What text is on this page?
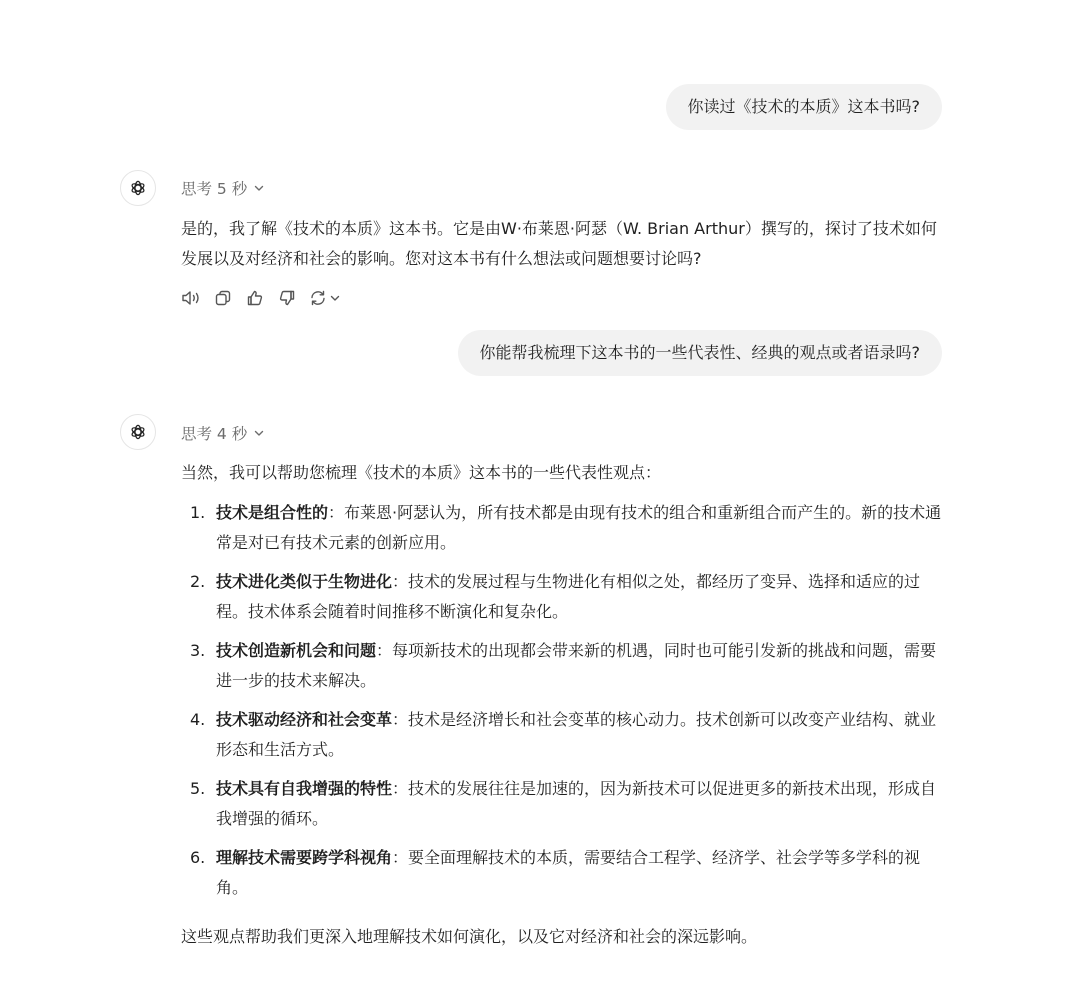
你读过《技术的本质》这本书吗?
思考 5 秒
是的，我了解《技术的本质》这本书。它是由W·布莱恩·阿瑟（W. Brian Arthur）撰写的，探讨了技术如何发展以及对经济和社会的影响。您对这本书有什么想法或问题想要讨论吗?
你能帮我梳理下这本书的一些代表性、经典的观点或者语录吗?
思考 4 秒
当然，我可以帮助您梳理《技术的本质》这本书的一些代表性观点：
1. 技术是组合性的：布莱恩·阿瑟认为，所有技术都是由现有技术的组合和重新组合而产生的。新的技术通常是对已有技术元素的创新应用。
2. 技术进化类似于生物进化：技术的发展过程与生物进化有相似之处，都经历了变异、选择和适应的过程。技术体系会随着时间推移不断演化和复杂化。
3. 技术创造新机会和问题：每项新技术的出现都会带来新的机遇，同时也可能引发新的挑战和问题，需要进一步的技术来解决。
4. 技术驱动经济和社会变革：技术是经济增长和社会变革的核心动力。技术创新可以改变产业结构、就业形态和生活方式。
5. 技术具有自我增强的特性：技术的发展往往是加速的，因为新技术可以促进更多的新技术出现，形成自我增强的循环。
6. 理解技术需要跨学科视角：要全面理解技术的本质，需要结合工程学、经济学、社会学等多学科的视角。
这些观点帮助我们更深入地理解技术如何演化，以及它对经济和社会的深远影响。
